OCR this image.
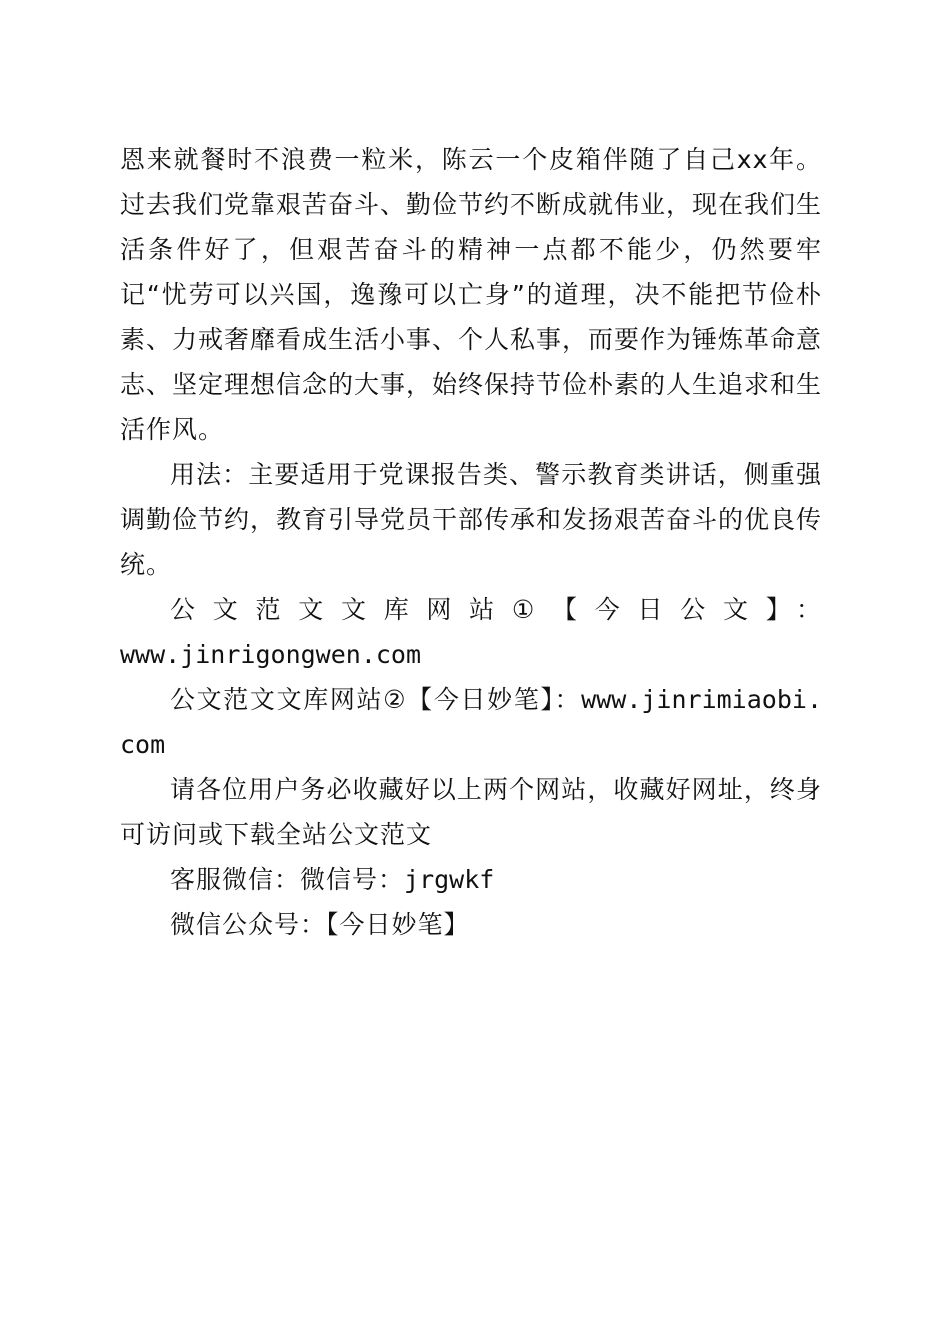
恩来就餐时不浪费一粒米，陈云一个皮箱伴随了自己xx年。过去我们党靠艰苦奋斗、勤俭节约不断成就伟业，现在我们生活条件好了，但艰苦奋斗的精神一点都不能少，仍然要牢记“忧劳可以兴国，逸豫可以亡身”的道理，决不能把节俭朴素、力戒奢靡看成生活小事、个人私事，而要作为锤炼革命意志、坚定理想信念的大事，始终保持节俭朴素的人生追求和生活作风。

用法：主要适用于党课报告类、警示教育类讲话，侧重强调勤俭节约，教育引导党员干部传承和发扬艰苦奋斗的优良传统。

公文范文文库网站①【今日公文】：

www.jinrigongwen.com

公文范文文库网站②【今日妙笔】：www.jinrimiaobi.com

请各位用户务必收藏好以上两个网站，收藏好网址，终身可访问或下载全站公文范文

客服微信：微信号：jrgwkf

微信公众号：【今日妙笔】
